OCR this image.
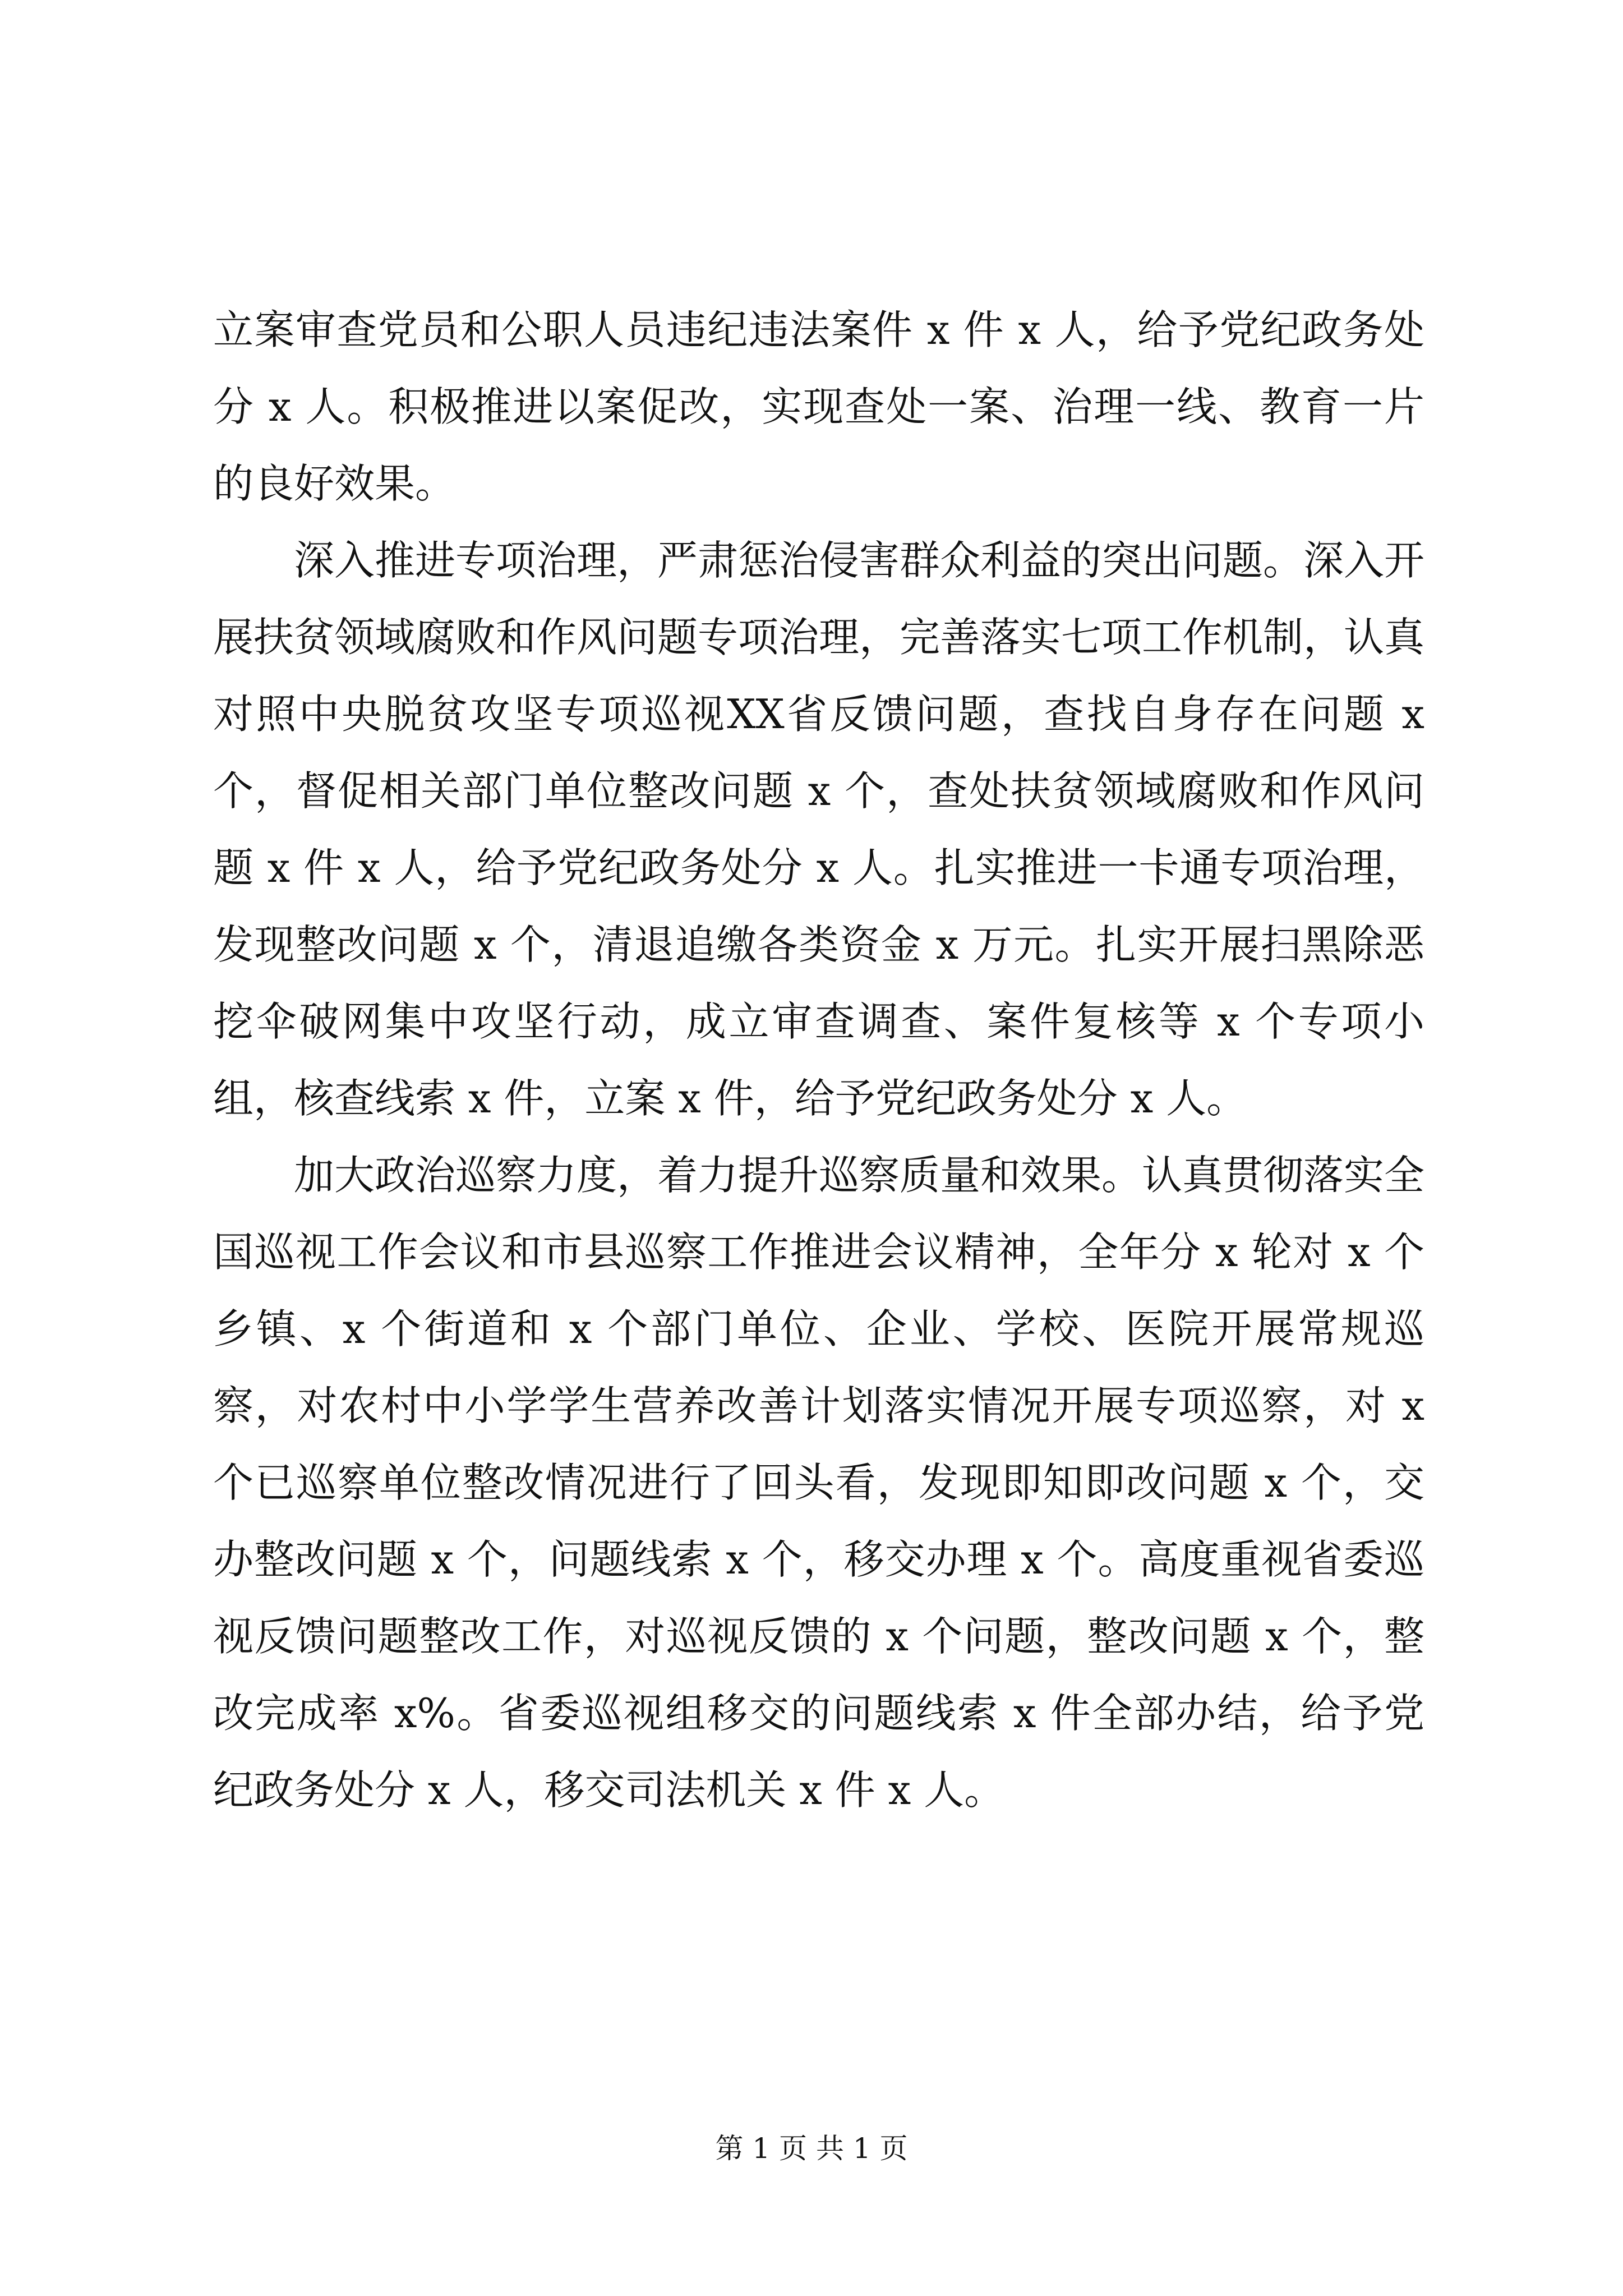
立案审查党员和公职人员违纪违法案件 x 件 x 人，给予党纪政务处分 x 人。积极推进以案促改，实现查处一案、治理一线、教育一片的良好效果。

深入推进专项治理，严肃惩治侵害群众利益的突出问题。深入开展扶贫领域腐败和作风问题专项治理，完善落实七项工作机制，认真对照中央脱贫攻坚专项巡视XX省反馈问题，查找自身存在问题 x 个，督促相关部门单位整改问题 x 个，查处扶贫领域腐败和作风问题 x 件 x 人，给予党纪政务处分 x 人。扎实推进一卡通专项治理，发现整改问题 x 个，清退追缴各类资金 x 万元。扎实开展扫黑除恶挖伞破网集中攻坚行动，成立审查调查、案件复核等 x 个专项小组，核查线索 x 件，立案 x 件，给予党纪政务处分 x 人。

加大政治巡察力度，着力提升巡察质量和效果。认真贯彻落实全国巡视工作会议和市县巡察工作推进会议精神，全年分 x 轮对 x 个乡镇、x 个街道和 x 个部门单位、企业、学校、医院开展常规巡察，对农村中小学学生营养改善计划落实情况开展专项巡察，对 x 个已巡察单位整改情况进行了回头看，发现即知即改问题 x 个，交办整改问题 x 个，问题线索 x 个，移交办理 x 个。高度重视省委巡视反馈问题整改工作，对巡视反馈的 x 个问题，整改问题 x 个，整改完成率 x%。省委巡视组移交的问题线索 x 件全部办结，给予党纪政务处分 x 人，移交司法机关 x 件 x 人。

第 1 页 共 1 页
